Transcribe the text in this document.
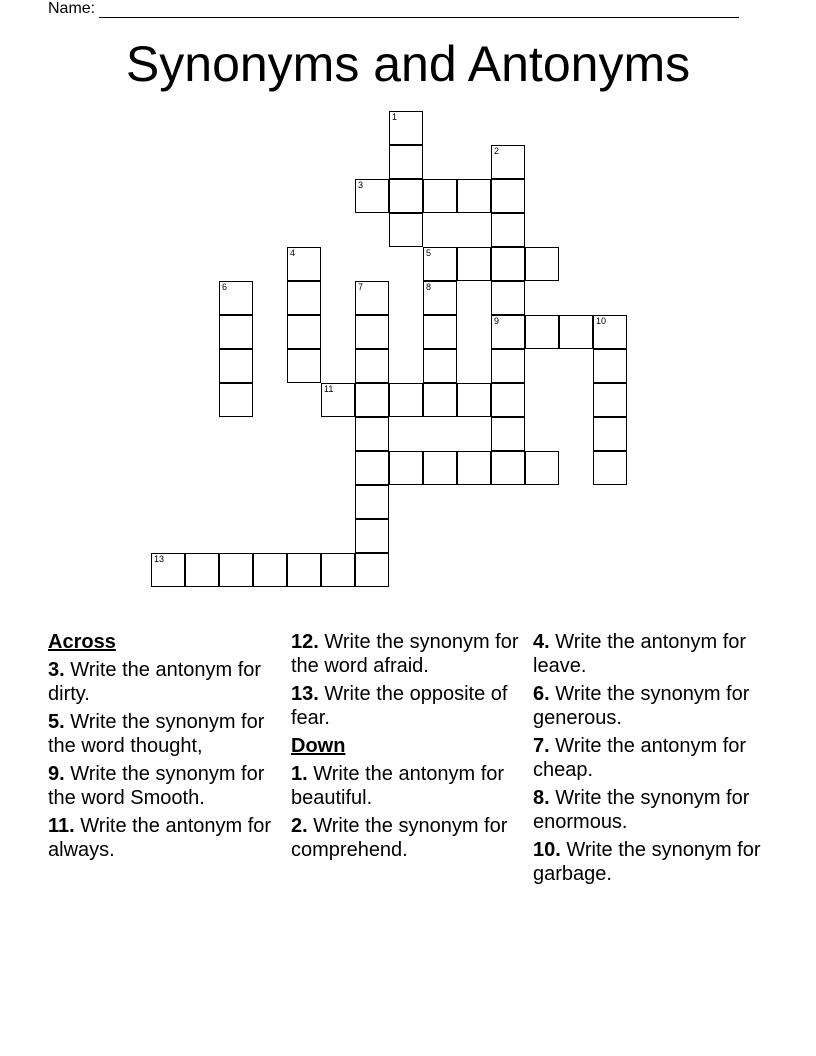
Name:
Synonyms and Antonyms
1
2
3
4	5
6	7	8
9	10
11
13
Across
3. Write the antonym for dirty.
5. Write the synonym for the word thought,
9. Write the synonym for the word Smooth.
11. Write the antonym for always.
12. Write the synonym for the word afraid.
13. Write the opposite of fear.
Down
1. Write the antonym for beautiful.
2. Write the synonym for comprehend.
4. Write the antonym for leave.
6. Write the synonym for generous.
7. Write the antonym for cheap.
8. Write the synonym for enormous.
10. Write the synonym for garbage.
